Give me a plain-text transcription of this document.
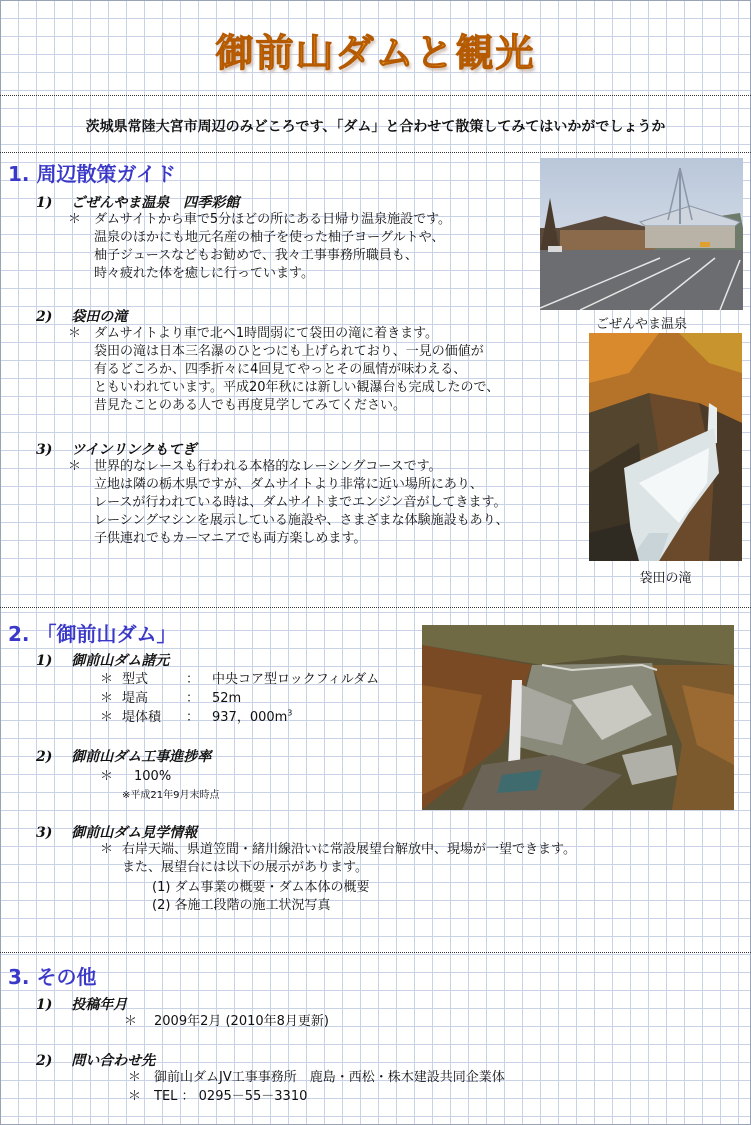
御前山ダムと観光
茨城県常陸大宮市周辺のみどころです、「ダム」と合わせて散策してみてはいかがでしょうか
1. 周辺散策ガイド
1) ごぜんやま温泉　四季彩館
＊ ダムサイトから車で5分ほどの所にある日帰り温泉施設です。
温泉のほかにも地元名産の柚子を使った柚子ヨーグルトや、
柚子ジュースなどもお勧めで、我々工事事務所職員も、
時々疲れた体を癒しに行っています。
2) 袋田の滝
＊ ダムサイトより車で北へ1時間弱にて袋田の滝に着きます。
袋田の滝は日本三名瀑のひとつにも上げられており、一見の価値が
有るどころか、四季折々に4回見てやっとその風情が味わえる、
ともいわれています。平成20年秋には新しい観瀑台も完成したので、
昔見たことのある人でも再度見学してみてください。
3) ツインリンクもてぎ
＊ 世界的なレースも行われる本格的なレーシングコースです。
立地は隣の栃木県ですが、ダムサイトより非常に近い場所にあり、
レースが行われている時は、ダムサイトまでエンジン音がしてきます。
レーシングマシンを展示している施設や、さまざまな体験施設もあり、
子供連れでもカーマニアでも両方楽しめます。
ごぜんやま温泉
袋田の滝
2. 「御前山ダム」
1) 御前山ダム諸元
＊ 型式	： 中央コア型ロックフィルダム
＊ 堤高	： 52m
＊ 堤体積 ： 937，$000m^3$
2) 御前山ダム工事進捗率
＊ 100%
※平成21年9月末時点
3) 御前山ダム見学情報
＊ 右岸天端、県道笠間・緒川線沿いに常設展望台解放中、現場が一望できます。
また、展望台には以下の展示があります。
(1) ダム事業の概要・ダム本体の概要
(2) 各施工段階の施工状況写真
3. その他
1) 投稿年月
＊ 2009年2月 (2010年8月更新)
2) 問い合わせ先
＊ 御前山ダムJV工事事務所　鹿島・西松・株木建設共同企業体
＊ TEL ： 0295－55－3310
